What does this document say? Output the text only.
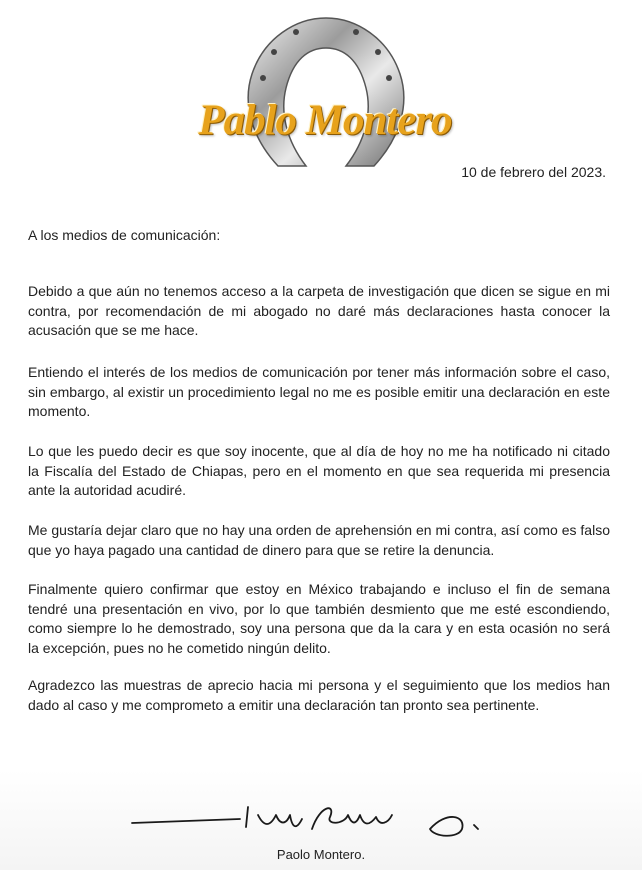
Pablo Montero
10 de febrero del 2023.
A los medios de comunicación:

Debido a que aún no tenemos acceso a la carpeta de investigación que dicen se sigue en mi contra, por recomendación de mi abogado no daré más declaraciones hasta conocer la acusación que se me hace.

Entiendo el interés de los medios de comunicación por tener más información sobre el caso, sin embargo, al existir un procedimiento legal no me es posible emitir una declaración en este momento.

Lo que les puedo decir es que soy inocente, que al día de hoy no me ha notificado ni citado la Fiscalía del Estado de Chiapas, pero en el momento en que sea requerida mi presencia ante la autoridad acudiré.

Me gustaría dejar claro que no hay una orden de aprehensión en mi contra, así como es falso que yo haya pagado una cantidad de dinero para que se retire la denuncia.

Finalmente quiero confirmar que estoy en México trabajando e incluso el fin de semana tendré una presentación en vivo, por lo que también desmiento que me esté escondiendo, como siempre lo he demostrado, soy una persona que da la cara y en esta ocasión no será la excepción, pues no he cometido ningún delito.

Agradezco las muestras de aprecio hacia mi persona y el seguimiento que los medios han dado al caso y me comprometo a emitir una declaración tan pronto sea pertinente.

Paolo Montero.
